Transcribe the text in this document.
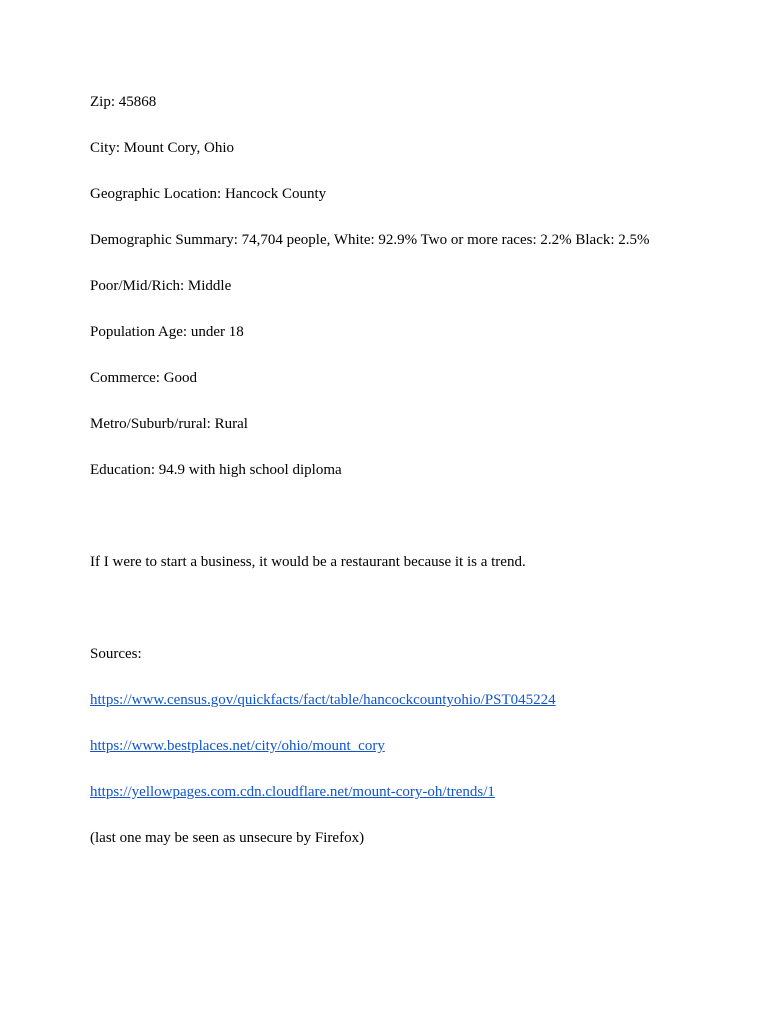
Zip: 45868

City: Mount Cory, Ohio

Geographic Location: Hancock County

Demographic Summary: 74,704 people, White: 92.9% Two or more races: 2.2% Black: 2.5%

Poor/Mid/Rich: Middle

Population Age: under 18

Commerce: Good

Metro/Suburb/rural: Rural

Education: 94.9 with high school diploma

If I were to start a business, it would be a restaurant because it is a trend.

Sources:

https://www.census.gov/quickfacts/fact/table/hancockcountyohio/PST045224
https://www.bestplaces.net/city/ohio/mount_cory
https://yellowpages.com.cdn.cloudflare.net/mount-cory-oh/trends/1

(last one may be seen as unsecure by Firefox)
